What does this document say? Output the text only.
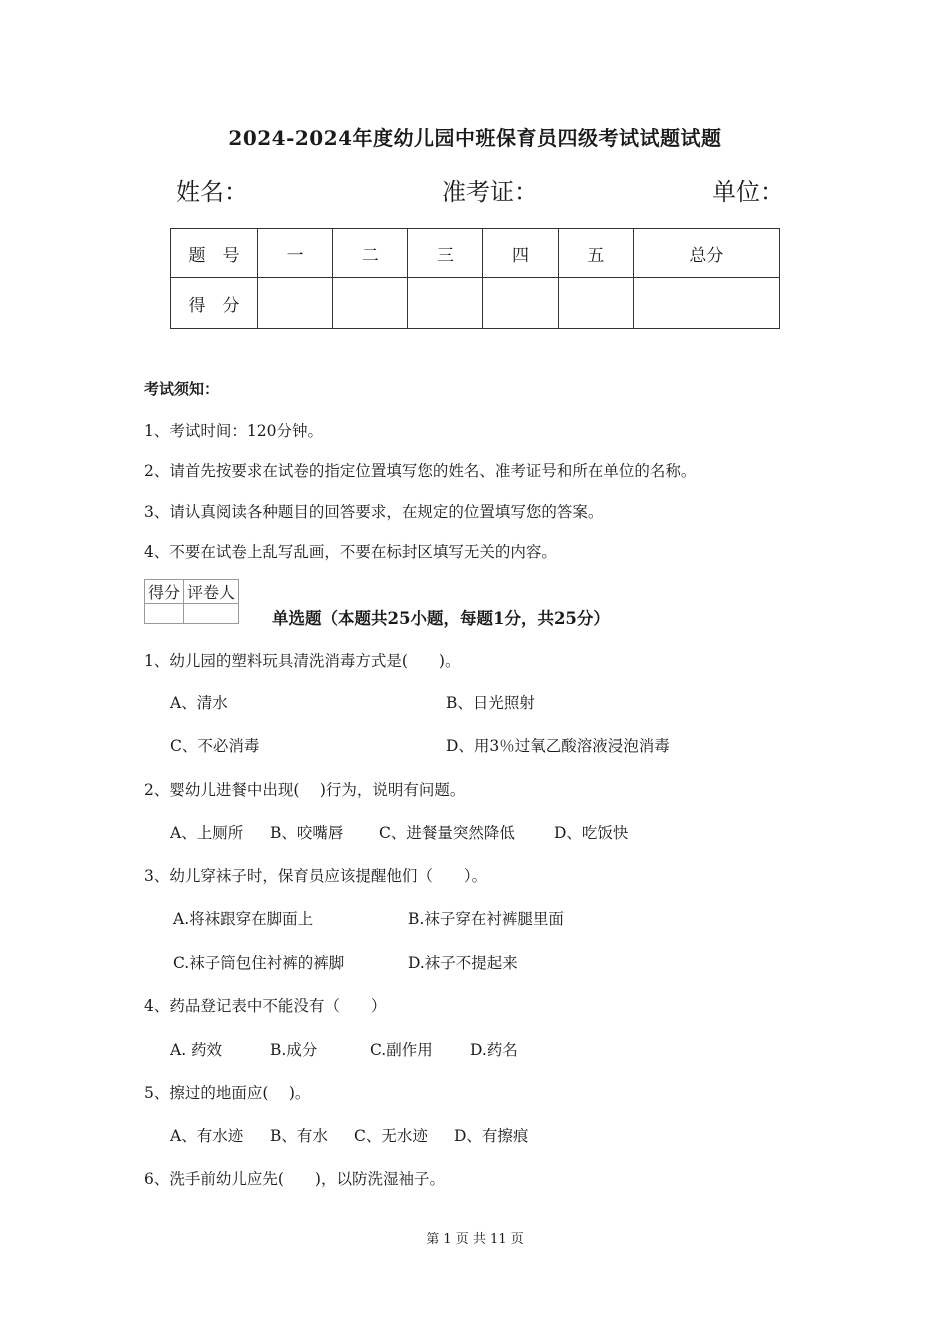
2024-2024年度幼儿园中班保育员四级考试试题试题
姓名：	准考证：	单位：
题　号	一	二	三	四	五	总分
得　分						
考试须知：
1、考试时间：120分钟。
2、请首先按要求在试卷的指定位置填写您的姓名、准考证号和所在单位的名称。
3、请认真阅读各种题目的回答要求，在规定的位置填写您的答案。
4、不要在试卷上乱写乱画，不要在标封区填写无关的内容。
得分	评卷人

单选题（本题共25小题，每题1分，共25分）
1、幼儿园的塑料玩具清洗消毒方式是(　　)。
A、清水	B、日光照射
C、不必消毒	D、用3％过氧乙酸溶液浸泡消毒
2、婴幼儿进餐中出现(　 )行为，说明有问题。
A、上厕所 B、咬嘴唇 C、进餐量突然降低	D、吃饭快
3、幼儿穿袜子时，保育员应该提醒他们（　　）。
A.将袜跟穿在脚面上	B.袜子穿在衬裤腿里面
C.袜子筒包住衬裤的裤脚	D.袜子不提起来
4、药品登记表中不能没有（　　）
A. 药效	B.成分	C.副作用 D.药名
5、擦过的地面应(　 )。
A、有水迹 B、有水 C、无水迹 D、有擦痕
6、洗手前幼儿应先(　　)，以防洗湿袖子。
第 1 页 共 11 页
